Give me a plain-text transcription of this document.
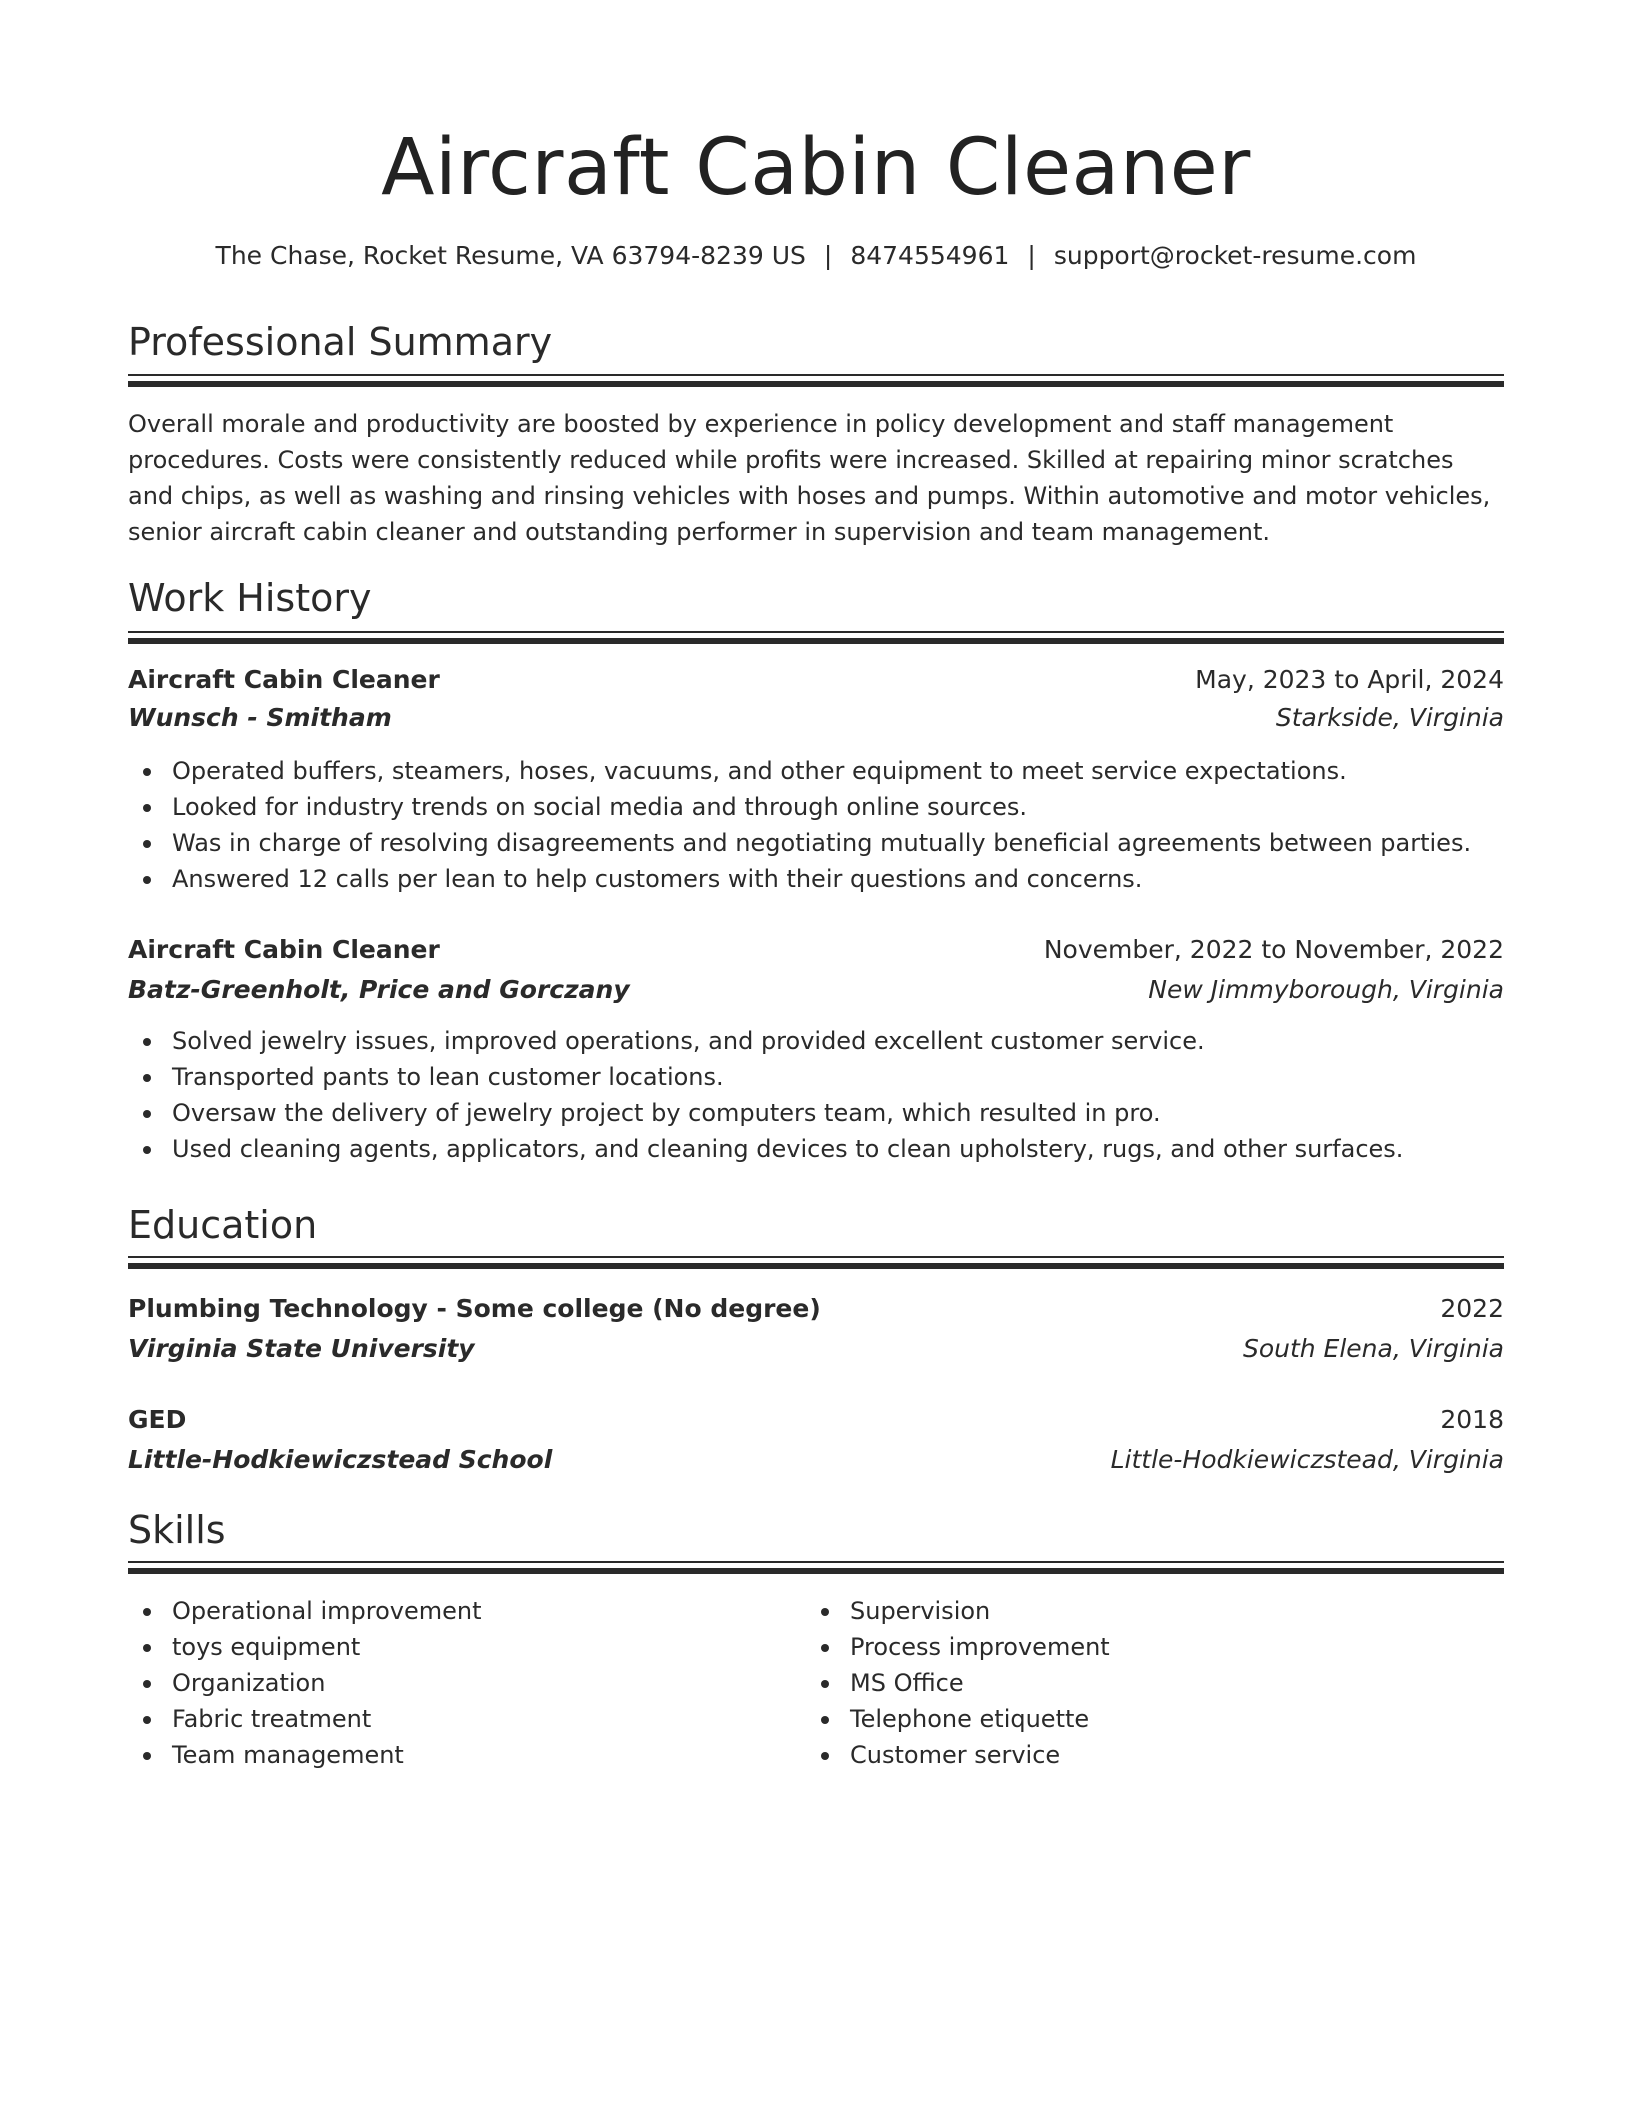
Aircraft Cabin Cleaner
The Chase, Rocket Resume, VA 63794-8239 US | 8474554961 | support@rocket-resume.com
Professional Summary

Overall morale and productivity are boosted by experience in policy development and staff management procedures. Costs were consistently reduced while profits were increased. Skilled at repairing minor scratches and chips, as well as washing and rinsing vehicles with hoses and pumps. Within automotive and motor vehicles, senior aircraft cabin cleaner and outstanding performer in supervision and team management.

Work History
Aircraft Cabin Cleaner	May, 2023 to April, 2024
Wunsch - Smitham	Starkside, Virginia
Operated buffers, steamers, hoses, vacuums, and other equipment to meet service expectations.
Looked for industry trends on social media and through online sources.
Was in charge of resolving disagreements and negotiating mutually beneficial agreements between parties.
Answered 12 calls per lean to help customers with their questions and concerns.
Aircraft Cabin Cleaner	November, 2022 to November, 2022
Batz-Greenholt, Price and Gorczany	New Jimmyborough, Virginia
Solved jewelry issues, improved operations, and provided excellent customer service.
Transported pants to lean customer locations.
Oversaw the delivery of jewelry project by computers team, which resulted in pro.
Used cleaning agents, applicators, and cleaning devices to clean upholstery, rugs, and other surfaces.
Education
Plumbing Technology - Some college (No degree)	2022
Virginia State University	South Elena, Virginia
GED	2018
Little-Hodkiewiczstead School	Little-Hodkiewiczstead, Virginia
Skills
Operational improvement
toys equipment
Organization
Fabric treatment
Team management
Supervision
Process improvement
MS Office
Telephone etiquette
Customer service
